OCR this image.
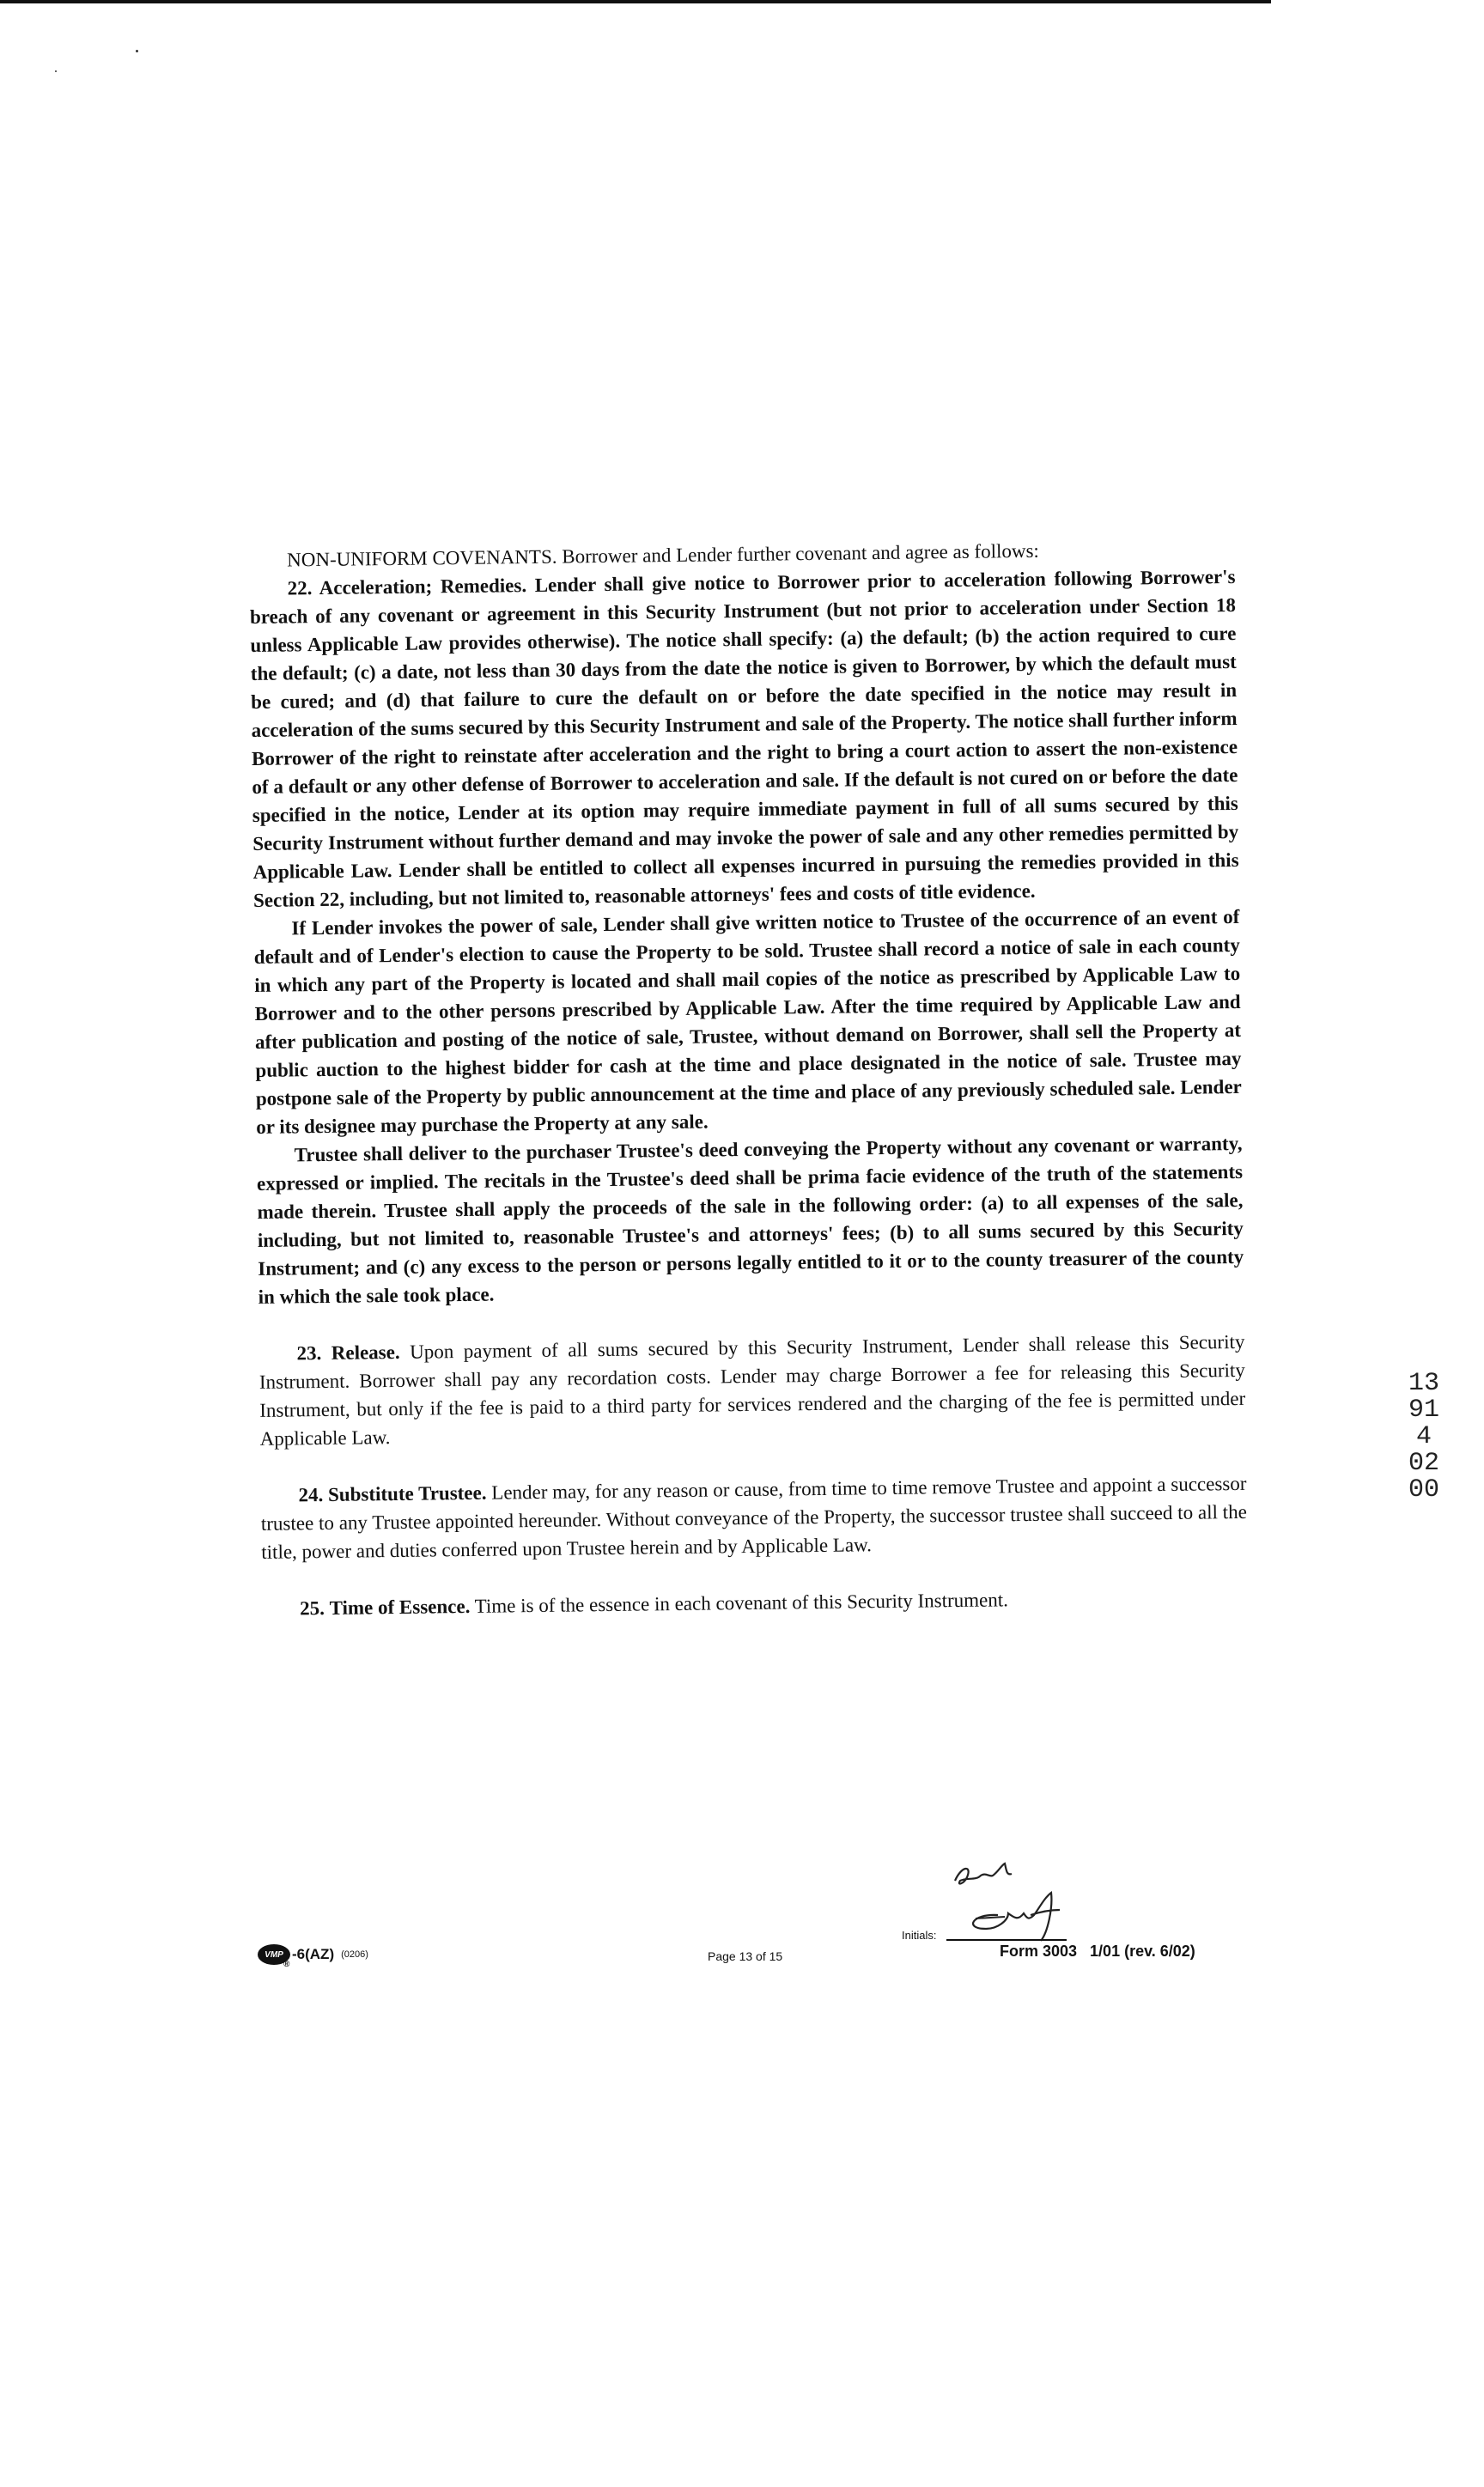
NON-UNIFORM COVENANTS. Borrower and Lender further covenant and agree as follows:

22. Acceleration; Remedies. Lender shall give notice to Borrower prior to acceleration following Borrower's breach of any covenant or agreement in this Security Instrument (but not prior to acceleration under Section 18 unless Applicable Law provides otherwise). The notice shall specify: (a) the default; (b) the action required to cure the default; (c) a date, not less than 30 days from the date the notice is given to Borrower, by which the default must be cured; and (d) that failure to cure the default on or before the date specified in the notice may result in acceleration of the sums secured by this Security Instrument and sale of the Property. The notice shall further inform Borrower of the right to reinstate after acceleration and the right to bring a court action to assert the non-existence of a default or any other defense of Borrower to acceleration and sale. If the default is not cured on or before the date specified in the notice, Lender at its option may require immediate payment in full of all sums secured by this Security Instrument without further demand and may invoke the power of sale and any other remedies permitted by Applicable Law. Lender shall be entitled to collect all expenses incurred in pursuing the remedies provided in this Section 22, including, but not limited to, reasonable attorneys' fees and costs of title evidence.

If Lender invokes the power of sale, Lender shall give written notice to Trustee of the occurrence of an event of default and of Lender's election to cause the Property to be sold. Trustee shall record a notice of sale in each county in which any part of the Property is located and shall mail copies of the notice as prescribed by Applicable Law to Borrower and to the other persons prescribed by Applicable Law. After the time required by Applicable Law and after publication and posting of the notice of sale, Trustee, without demand on Borrower, shall sell the Property at public auction to the highest bidder for cash at the time and place designated in the notice of sale. Trustee may postpone sale of the Property by public announcement at the time and place of any previously scheduled sale. Lender or its designee may purchase the Property at any sale.

Trustee shall deliver to the purchaser Trustee's deed conveying the Property without any covenant or warranty, expressed or implied. The recitals in the Trustee's deed shall be prima facie evidence of the truth of the statements made therein. Trustee shall apply the proceeds of the sale in the following order: (a) to all expenses of the sale, including, but not limited to, reasonable Trustee's and attorneys' fees; (b) to all sums secured by this Security Instrument; and (c) any excess to the person or persons legally entitled to it or to the county treasurer of the county in which the sale took place.

23. Release. Upon payment of all sums secured by this Security Instrument, Lender shall release this Security Instrument. Borrower shall pay any recordation costs. Lender may charge Borrower a fee for releasing this Security Instrument, but only if the fee is paid to a third party for services rendered and the charging of the fee is permitted under Applicable Law.

24. Substitute Trustee. Lender may, for any reason or cause, from time to time remove Trustee and appoint a successor trustee to any Trustee appointed hereunder. Without conveyance of the Property, the successor trustee shall succeed to all the title, power and duties conferred upon Trustee herein and by Applicable Law.

25. Time of Essence. Time is of the essence in each covenant of this Security Instrument.

13914 0200
VMP
®
-6(AZ) (0206)	Page 13 of 15
Initials:
Form 3003   1/01 (rev. 6/02)
